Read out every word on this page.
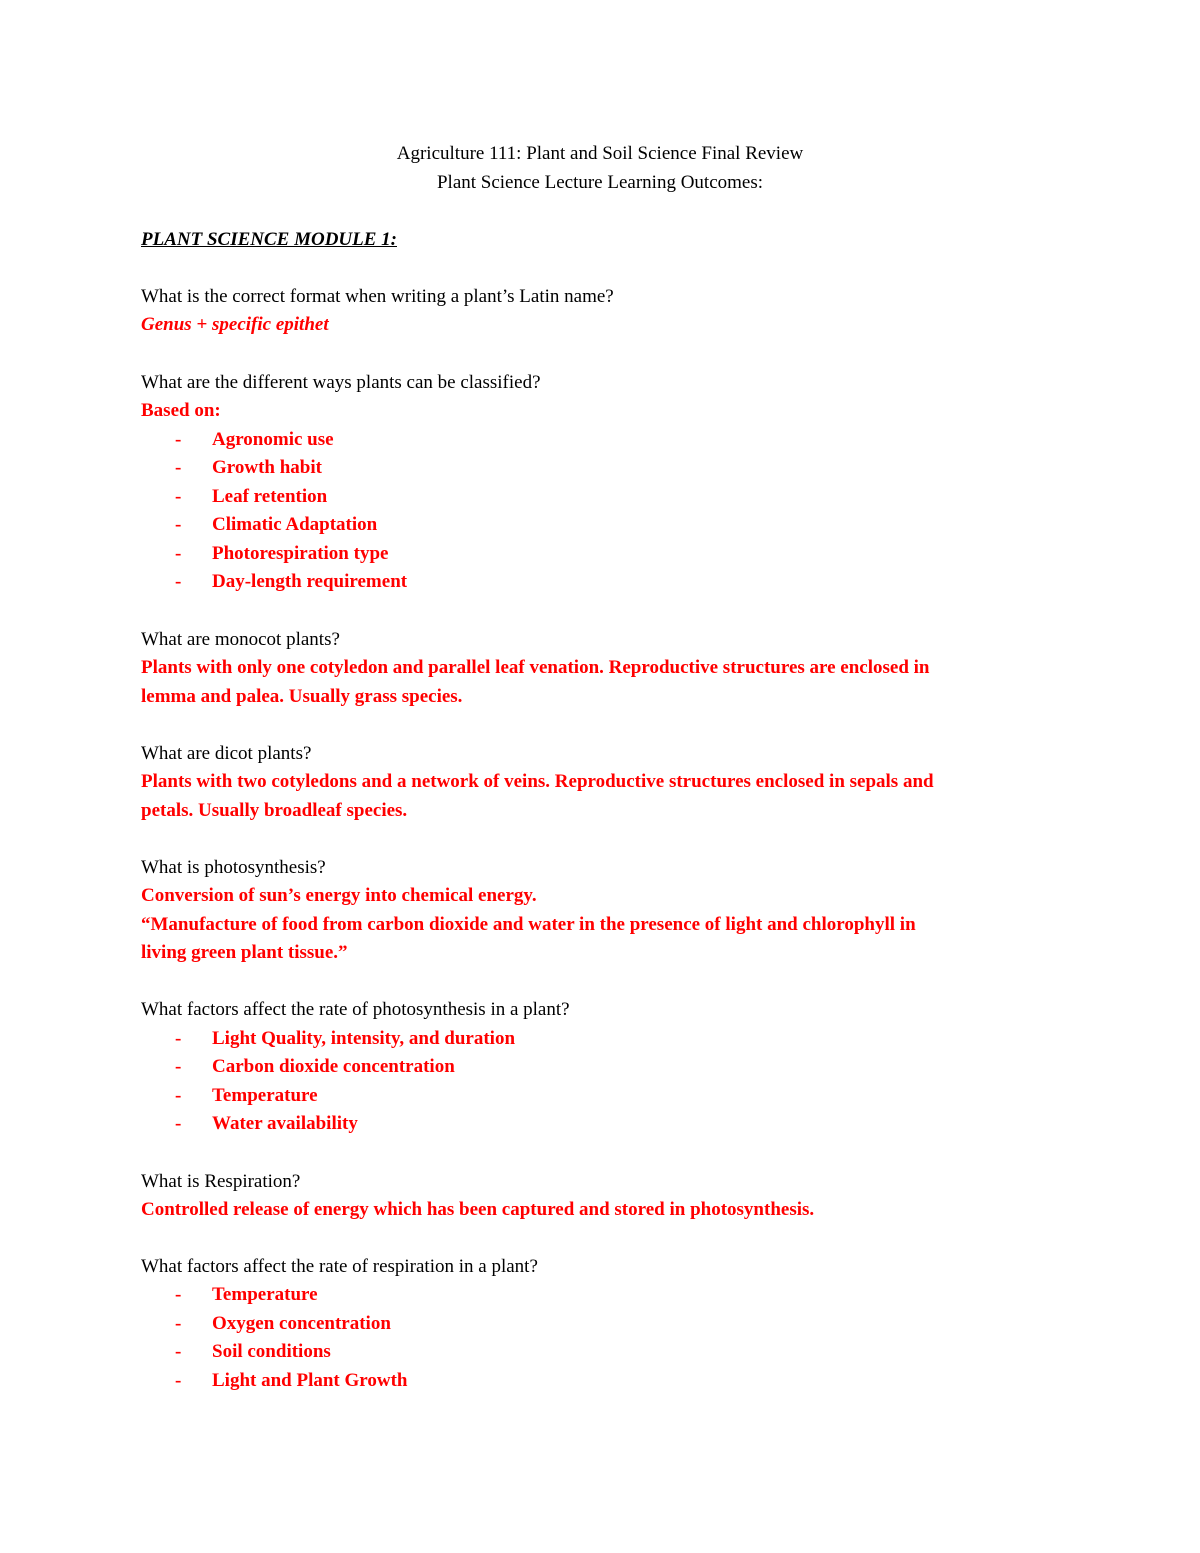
Agriculture 111: Plant and Soil Science Final Review
Plant Science Lecture Learning Outcomes:
PLANT SCIENCE MODULE 1:
What is the correct format when writing a plant’s Latin name?
Genus + specific epithet
What are the different ways plants can be classified?
Based on:
- Agronomic use
- Growth habit
- Leaf retention
- Climatic Adaptation
- Photorespiration type
- Day-length requirement
What are monocot plants?
Plants with only one cotyledon and parallel leaf venation. Reproductive structures are enclosed in
lemma and palea. Usually grass species.
What are dicot plants?
Plants with two cotyledons and a network of veins. Reproductive structures enclosed in sepals and
petals. Usually broadleaf species.
What is photosynthesis?
Conversion of sun’s energy into chemical energy.
“Manufacture of food from carbon dioxide and water in the presence of light and chlorophyll in
living green plant tissue.”
What factors affect the rate of photosynthesis in a plant?
- Light Quality, intensity, and duration
- Carbon dioxide concentration
- Temperature
- Water availability
What is Respiration?
Controlled release of energy which has been captured and stored in photosynthesis.
What factors affect the rate of respiration in a plant?
- Temperature
- Oxygen concentration
- Soil conditions
- Light and Plant Growth
